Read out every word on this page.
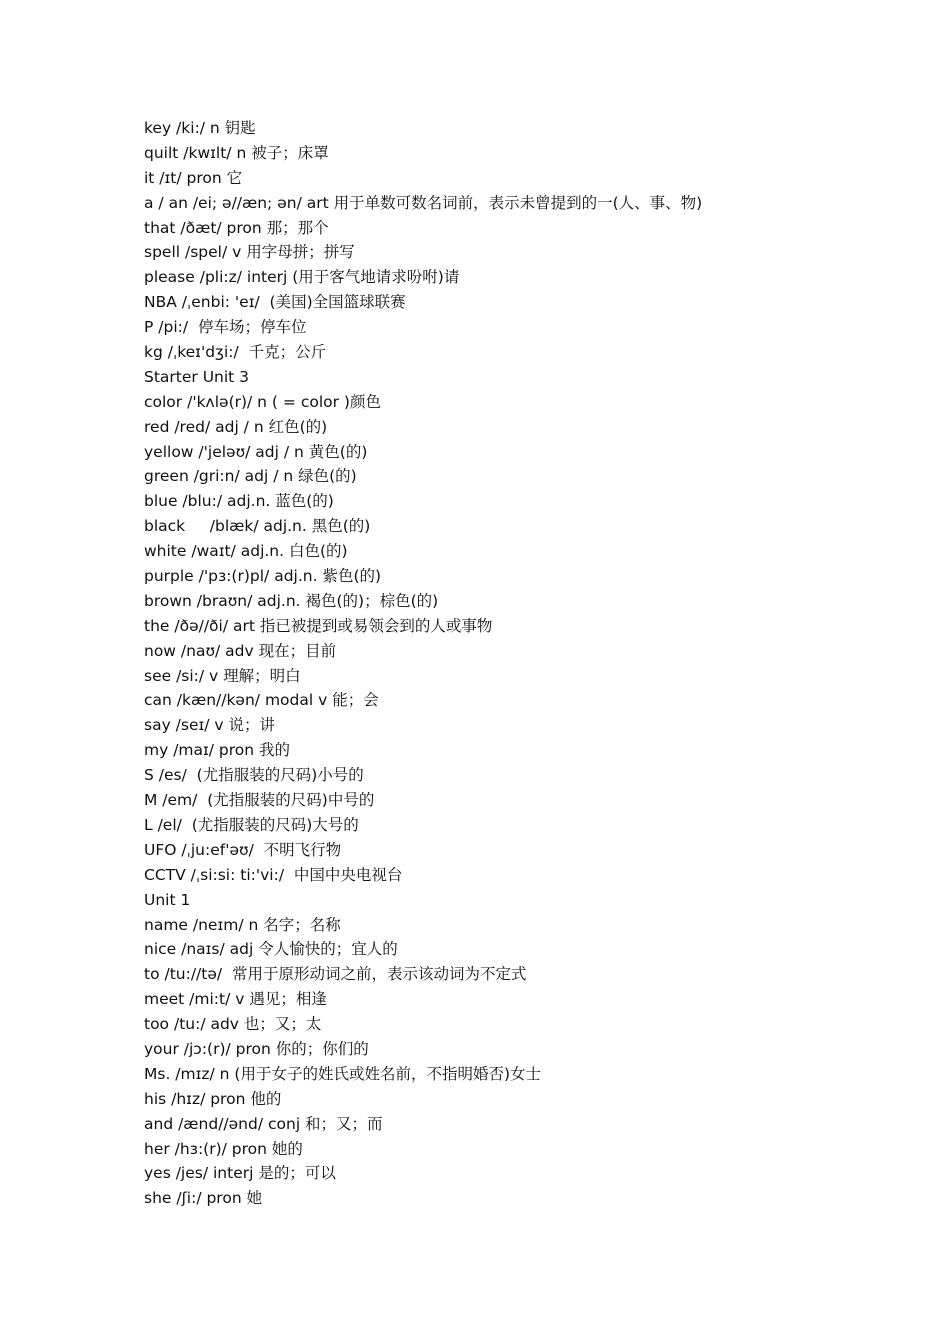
key /ki:/ n 钥匙
quilt /kwɪlt/ n 被子；床罩
it /ɪt/ pron 它
a / an /ei; ə//æn; ən/ art 用于单数可数名词前，表示未曾提到的一(人、事、物)
that /ðæt/ pron 那；那个
spell /spel/ v 用字母拼；拼写
please /pli:z/ interj (用于客气地请求吩咐)请
NBA /ˌenbi: 'eɪ/  (美国)全国篮球联赛
P /pi:/  停车场；停车位
kg /ˌkeɪ'dʒi:/  千克；公斤
Starter Unit 3
color /'kʌlə(r)/ n ( = color )颜色
red /red/ adj / n 红色(的)
yellow /'jeləʊ/ adj / n 黄色(的)
green /gri:n/ adj / n 绿色(的)
blue /blu:/ adj.n. 蓝色(的)
black     /blæk/ adj.n. 黑色(的)
white /waɪt/ adj.n. 白色(的)
purple /'pɜ:(r)pl/ adj.n. 紫色(的)
brown /braʊn/ adj.n. 褐色(的)；棕色(的)
the /ðə//ði/ art 指已被提到或易领会到的人或事物
now /naʊ/ adv 现在；目前
see /si:/ v 理解；明白
can /kæn//kən/ modal v 能；会
say /seɪ/ v 说；讲
my /maɪ/ pron 我的
S /es/  (尤指服装的尺码)小号的
M /em/  (尤指服装的尺码)中号的
L /el/  (尤指服装的尺码)大号的
UFO /ˌju:ef'əʊ/  不明飞行物
CCTV /ˌsi:si: ti:'vi:/  中国中央电视台
Unit 1
name /neɪm/ n 名字；名称
nice /naɪs/ adj 令人愉快的；宜人的
to /tu://tə/  常用于原形动词之前，表示该动词为不定式
meet /mi:t/ v 遇见；相逢
too /tu:/ adv 也；又；太
your /jɔ:(r)/ pron 你的；你们的
Ms. /mɪz/ n (用于女子的姓氏或姓名前，不指明婚否)女士
his /hɪz/ pron 他的
and /ænd//ənd/ conj 和；又；而
her /hɜ:(r)/ pron 她的
yes /jes/ interj 是的；可以
she /ʃi:/ pron 她
